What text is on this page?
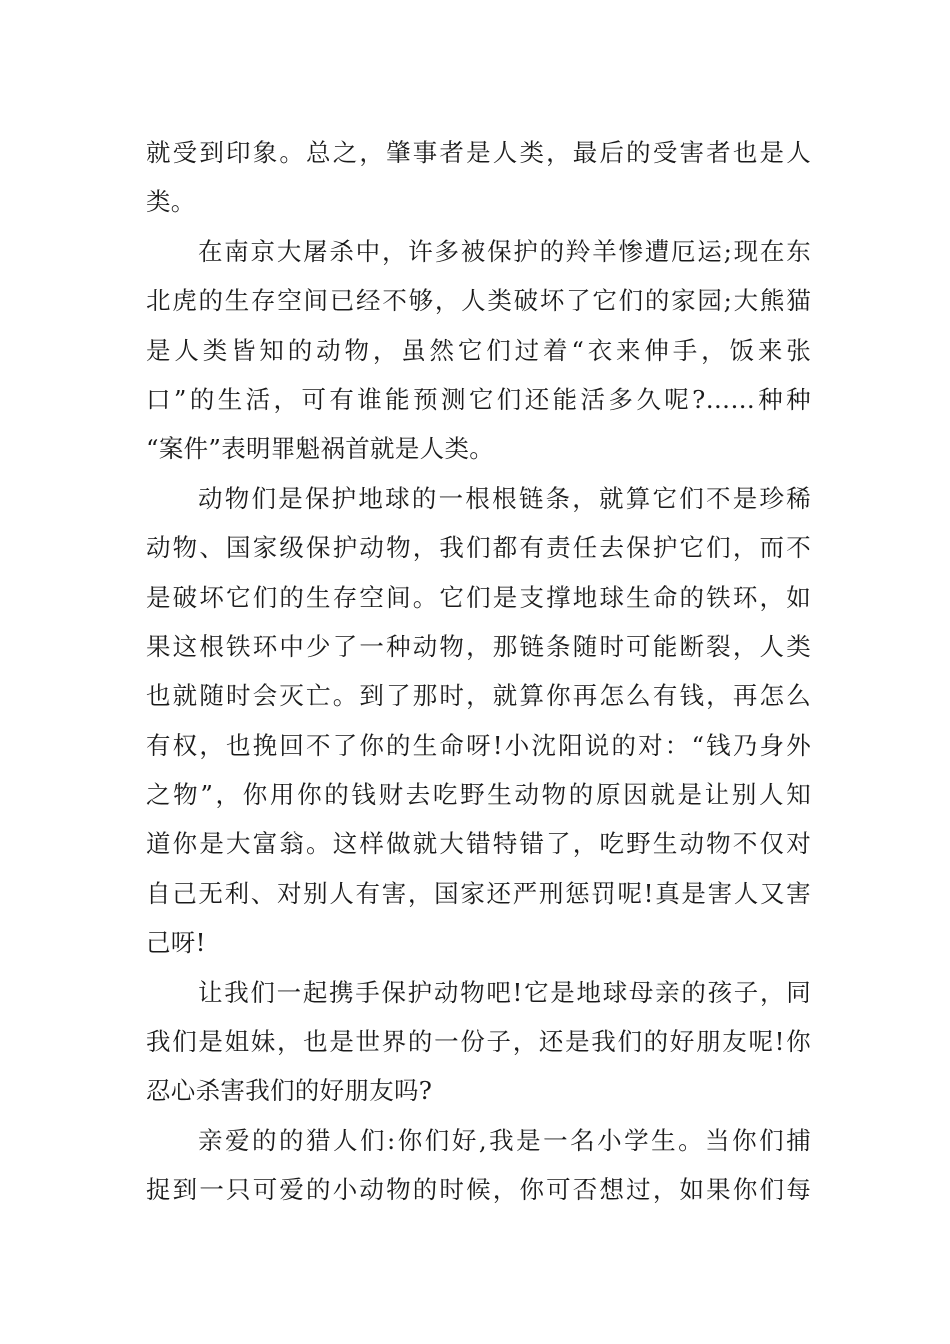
就受到印象。总之，肇事者是人类，最后的受害者也是人
类。
在南京大屠杀中，许多被保护的羚羊惨遭厄运;现在东
北虎的生存空间已经不够，人类破坏了它们的家园;大熊猫
是人类皆知的动物，虽然它们过着“衣来伸手，饭来张
口”的生活，可有谁能预测它们还能活多久呢?……种种
“案件”表明罪魁祸首就是人类。
动物们是保护地球的一根根链条，就算它们不是珍稀
动物、国家级保护动物，我们都有责任去保护它们，而不
是破坏它们的生存空间。它们是支撑地球生命的铁环，如
果这根铁环中少了一种动物，那链条随时可能断裂，人类
也就随时会灭亡。到了那时，就算你再怎么有钱，再怎么
有权，也挽回不了你的生命呀!小沈阳说的对：“钱乃身外
之物”，你用你的钱财去吃野生动物的原因就是让别人知
道你是大富翁。这样做就大错特错了，吃野生动物不仅对
自己无利、对别人有害，国家还严刑惩罚呢!真是害人又害
己呀!
让我们一起携手保护动物吧!它是地球母亲的孩子，同
我们是姐妹，也是世界的一份子，还是我们的好朋友呢!你
忍心杀害我们的好朋友吗?
亲爱的的猎人们:你们好,我是一名小学生。当你们捕
捉到一只可爱的小动物的时候，你可否想过，如果你们每
